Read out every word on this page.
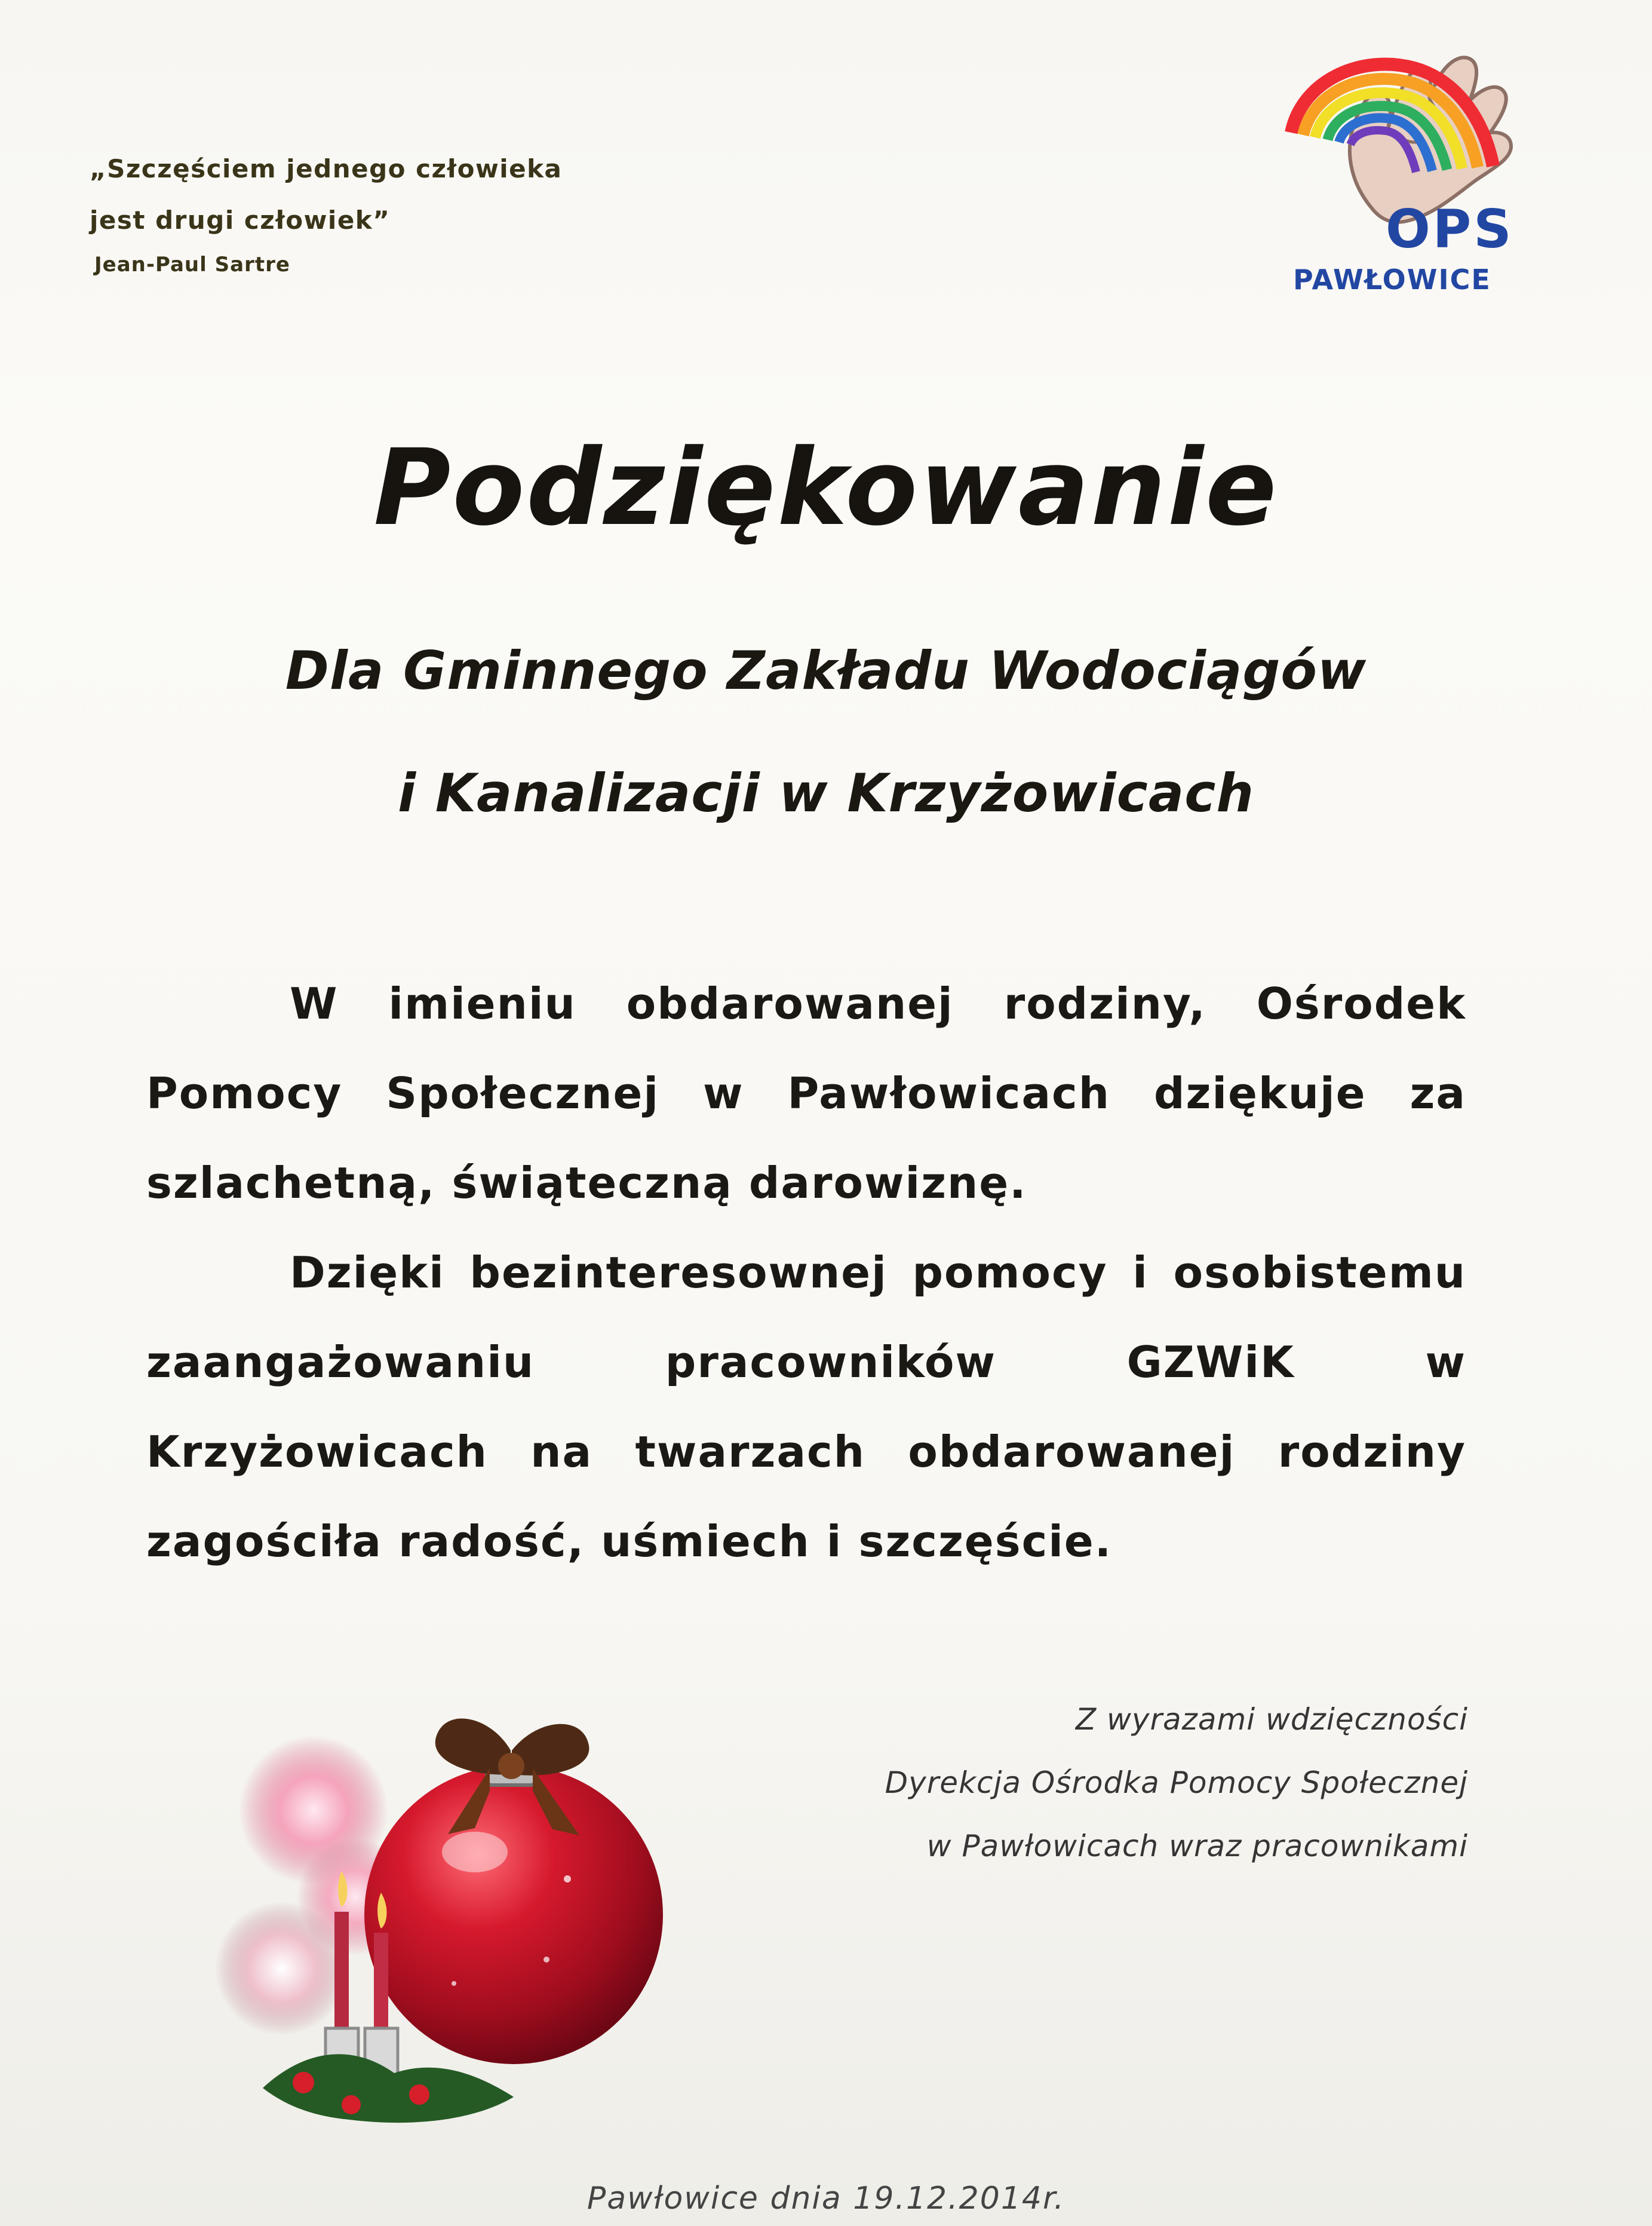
„Szczęściem jednego człowieka
jest drugi człowiek”
Jean-Paul Sartre
OPS
PAWŁOWICE
Podziękowanie
Dla Gminnego Zakładu Wodociągów
i Kanalizacji w Krzyżowicach

W imieniu obdarowanej rodziny, Ośrodek Pomocy Społecznej w Pawłowicach dziękuje za szlachetną, świąteczną darowiznę.

Dzięki bezinteresownej pomocy i osobistemu zaangażowaniu pracowników GZWiK w Krzyżowicach na twarzach obdarowanej rodziny zagościła radość, uśmiech i szczęście.

Z wyrazami wdzięczności
Dyrekcja Ośrodka Pomocy Społecznej
w Pawłowicach wraz pracownikami
Pawłowice dnia 19.12.2014r.
